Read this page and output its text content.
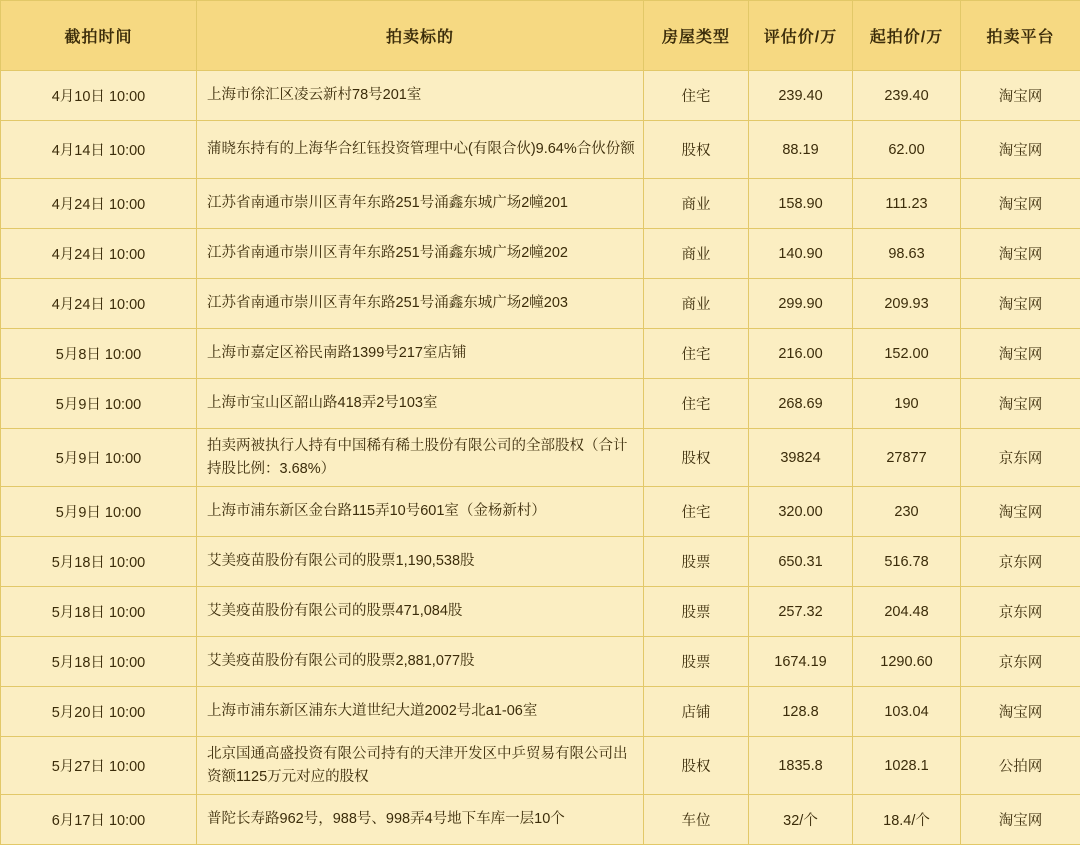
截拍时间	拍卖标的	房屋类型	评估价/万	起拍价/万	拍卖平台
4月10日 10:00	上海市徐汇区凌云新村78号201室	住宅	239.40	239.40	淘宝网
4月14日 10:00	蒲晓东持有的上海华合红钰投资管理中心(有限合伙)9.64%合伙份额	股权	88.19	62.00	淘宝网
4月24日 10:00	江苏省南通市崇川区青年东路251号涌鑫东城广场2幢201	商业	158.90	111.23	淘宝网
4月24日 10:00	江苏省南通市崇川区青年东路251号涌鑫东城广场2幢202	商业	140.90	98.63	淘宝网
4月24日 10:00	江苏省南通市崇川区青年东路251号涌鑫东城广场2幢203	商业	299.90	209.93	淘宝网
5月8日 10:00	上海市嘉定区裕民南路1399号217室店铺	住宅	216.00	152.00	淘宝网
5月9日 10:00	上海市宝山区韶山路418弄2号103室	住宅	268.69	190	淘宝网
5月9日 10:00	拍卖两被执行人持有中国稀有稀土股份有限公司的全部股权（合计持股比例：3.68%）	股权	39824	27877	京东网
5月9日 10:00	上海市浦东新区金台路115弄10号601室（金杨新村）	住宅	320.00	230	淘宝网
5月18日 10:00	艾美疫苗股份有限公司的股票1,190,538股	股票	650.31	516.78	京东网
5月18日 10:00	艾美疫苗股份有限公司的股票471,084股	股票	257.32	204.48	京东网
5月18日 10:00	艾美疫苗股份有限公司的股票2,881,077股	股票	1674.19	1290.60	京东网
5月20日 10:00	上海市浦东新区浦东大道世纪大道2002号北a1-06室	店铺	128.8	103.04	淘宝网
5月27日 10:00	北京国通高盛投资有限公司持有的天津开发区中乒贸易有限公司出资额1125万元对应的股权	股权	1835.8	1028.1	公拍网
6月17日 10:00	普陀长寿路962号，988号、998弄4号地下车库一层10个	车位	32/个	18.4/个	淘宝网
